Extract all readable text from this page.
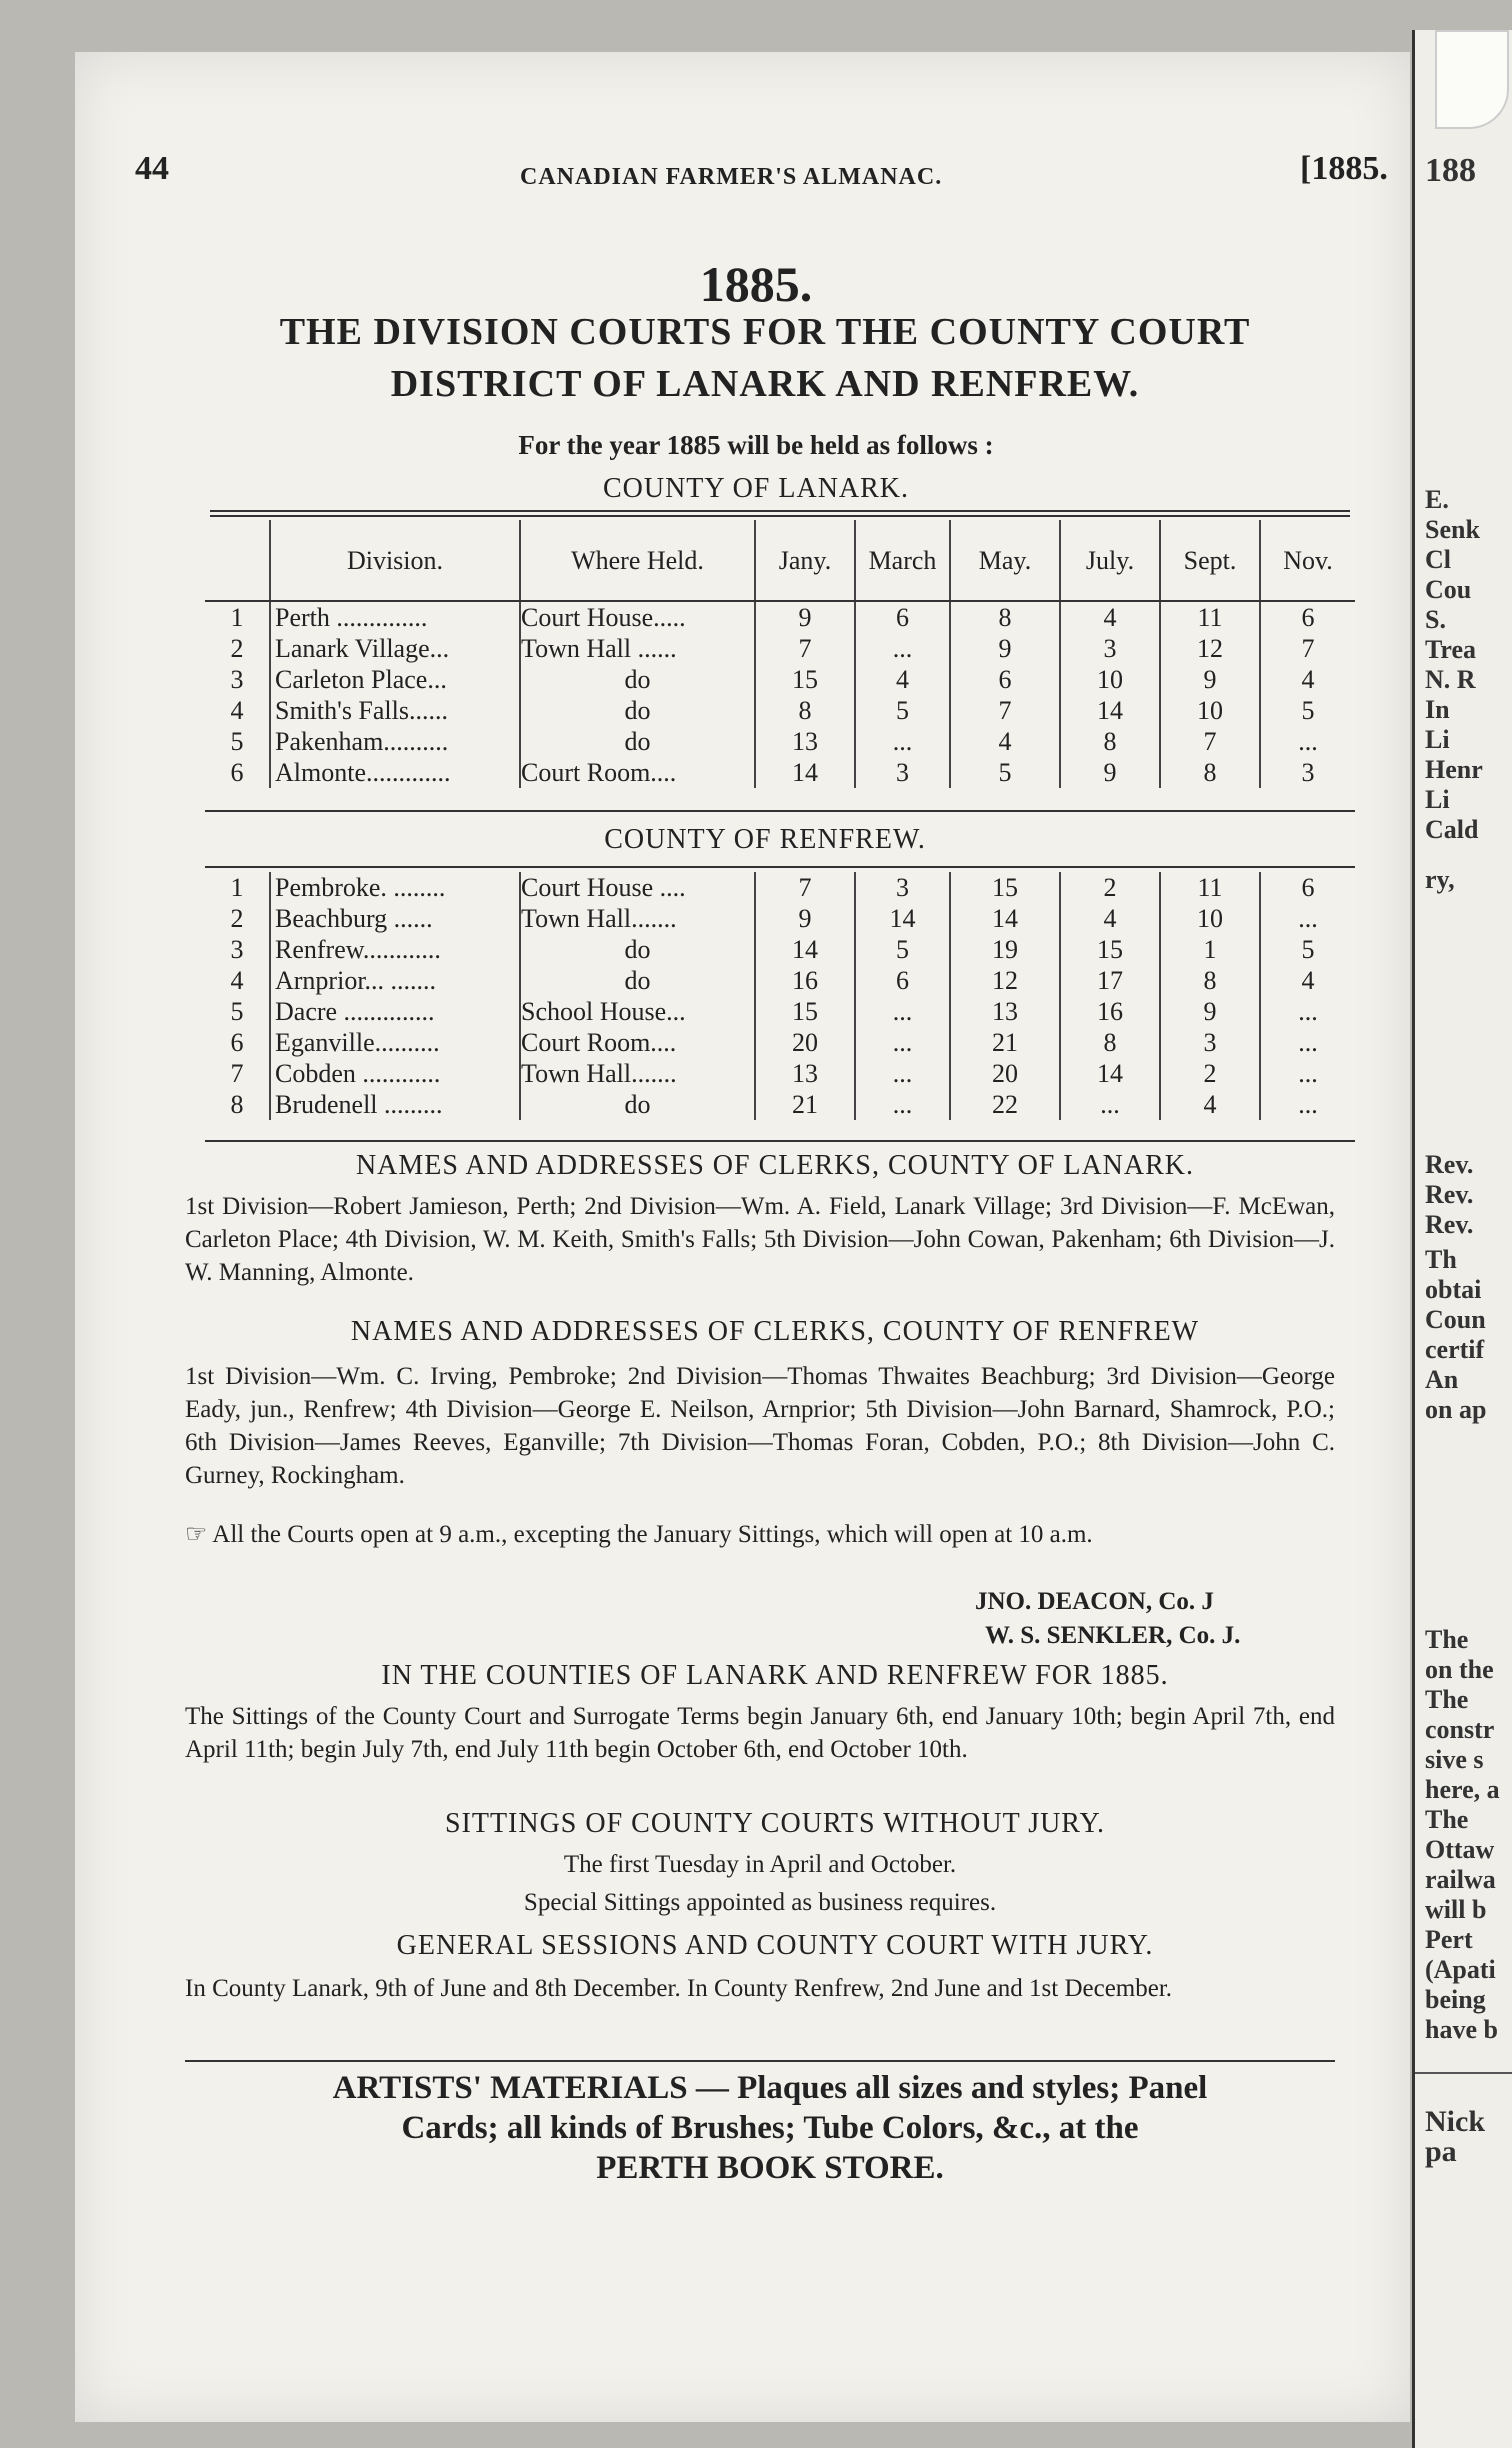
188
E.
Senk
Cl
Cou
S.
Trea
N. R
In
Li
Henr
Li
Cald
ry,
Rev.
Rev.
Rev.
Th
obtai
Coun
certif
An
on ap
The
on the
The
constr
sive s
here, a
The
Ottaw
railwa
will b
Pert
(Apati
being
have b
Nick
pa
44	CANADIAN FARMER'S ALMANAC.	[1885.
1885.
THE DIVISION COURTS FOR THE COUNTY COURT
DISTRICT OF LANARK AND RENFREW.
For the year 1885 will be held as follows :
COUNTY OF LANARK.
	Division.	Where Held.	Jany.	March	May.	July.	Sept.	Nov.
1	Perth ..............	Court House.....	9	6	8	4	11	6
2	Lanark Village...	Town Hall ......	7	...	9	3	12	7
3	Carleton Place...	do	15	4	6	10	9	4
4	Smith's Falls......	do	8	5	7	14	10	5
5	Pakenham..........	do	13	...	4	8	7	...
6	Almonte.............	Court Room....	14	3	5	9	8	3
COUNTY OF RENFREW.
1	Pembroke. ........	Court House ....	7	3	15	2	11	6
2	Beachburg ......	Town Hall.......	9	14	14	4	10	...
3	Renfrew............	do	14	5	19	15	1	5
4	Arnprior... .......	do	16	6	12	17	8	4
5	Dacre ..............	School House...	15	...	13	16	9	...
6	Eganville..........	Court Room....	20	...	21	8	3	...
7	Cobden ............	Town Hall.......	13	...	20	14	2	...
8	Brudenell .........	do	21	...	22	...	4	...
NAMES AND ADDRESSES OF CLERKS, COUNTY OF LANARK.
1st Division—Robert Jamieson, Perth; 2nd Division—Wm. A. Field, Lanark Village; 3rd Division—F. McEwan, Carleton Place; 4th Division, W. M. Keith, Smith's Falls; 5th Division—John Cowan, Pakenham; 6th Division—J. W. Manning, Almonte.
NAMES AND ADDRESSES OF CLERKS, COUNTY OF RENFREW
1st Division—Wm. C. Irving, Pembroke; 2nd Division—Thomas Thwaites Beachburg; 3rd Division—George Eady, jun., Renfrew; 4th Division—George E. Neilson, Arnprior; 5th Division—John Barnard, Shamrock, P.O.; 6th Division—James Reeves, Eganville; 7th Division—Thomas Foran, Cobden, P.O.; 8th Division—John C. Gurney, Rockingham.
☞ All the Courts open at 9 a.m., excepting the January Sittings, which will open at 10 a.m.
JNO. DEACON, Co. J
W. S. SENKLER, Co. J.
IN THE COUNTIES OF LANARK AND RENFREW FOR 1885.
The Sittings of the County Court and Surrogate Terms begin January 6th, end January 10th; begin April 7th, end April 11th; begin July 7th, end July 11th begin October 6th, end October 10th.
SITTINGS OF COUNTY COURTS WITHOUT JURY.
The first Tuesday in April and October.
Special Sittings appointed as business requires.
GENERAL SESSIONS AND COUNTY COURT WITH JURY.
In County Lanark, 9th of June and 8th December. In County Renfrew, 2nd June and 1st December.
ARTISTS' MATERIALS — Plaques all sizes and styles; Panel
Cards; all kinds of Brushes; Tube Colors, &c., at the
PERTH BOOK STORE.
